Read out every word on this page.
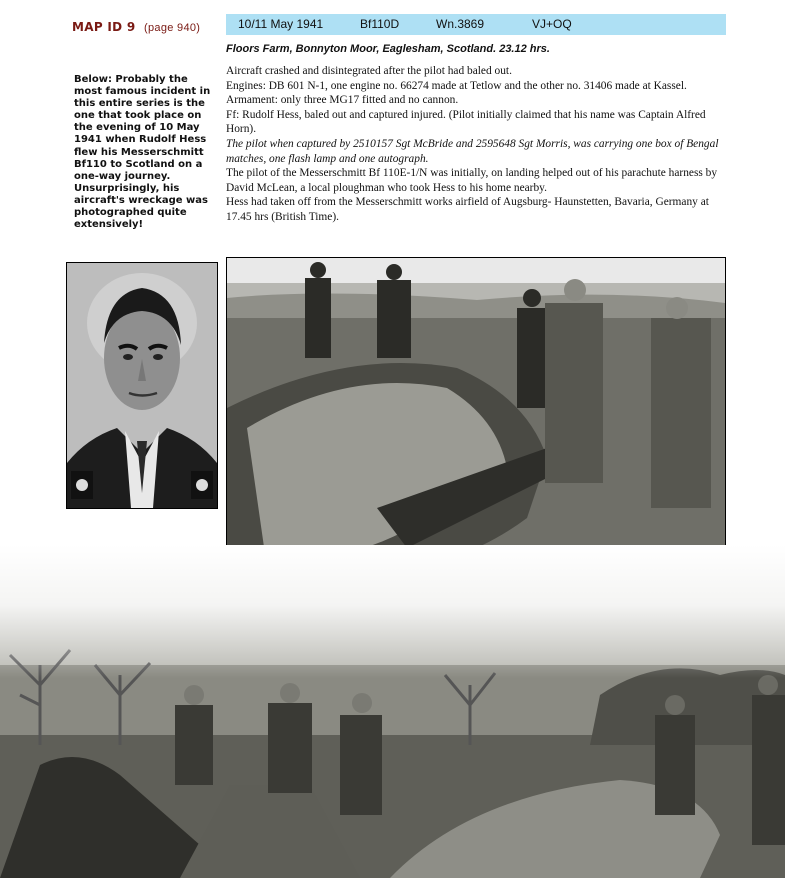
MAP ID 9 (page 940)	10/11 May 1941	Bf110D	Wn.3869	VJ+OQ
Floors Farm, Bonnyton Moor, Eaglesham, Scotland. 23.12 hrs.

Aircraft crashed and disintegrated after the pilot had baled out.

Engines: DB 601 N-1, one engine no. 66274 made at Tetlow and the other no. 31406 made at Kassel.

Armament: only three MG17 fitted and no cannon.

Ff: Rudolf Hess, baled out and captured injured. (Pilot initially claimed that his name was Captain Alfred Horn).

The pilot when captured by 2510157 Sgt McBride and 2595648 Sgt Morris, was carrying one box of Bengal matches, one flash lamp and one autograph.

The pilot of the Messerschmitt Bf 110E-1/N was initially, on landing helped out of his parachute harness by David McLean, a local ploughman who took Hess to his home nearby.

Hess had taken off from the Messerschmitt works airfield of Augsburg- Haunstetten, Bavaria, Germany at 17.45 hrs (British Time).

Below: Probably the most famous incident in this entire series is the one that took place on the evening of 10 May 1941 when Rudolf Hess flew his Messerschmitt Bf110 to Scotland on a one-way journey. Unsurprisingly, his aircraft's wreckage was photographed quite extensively!
